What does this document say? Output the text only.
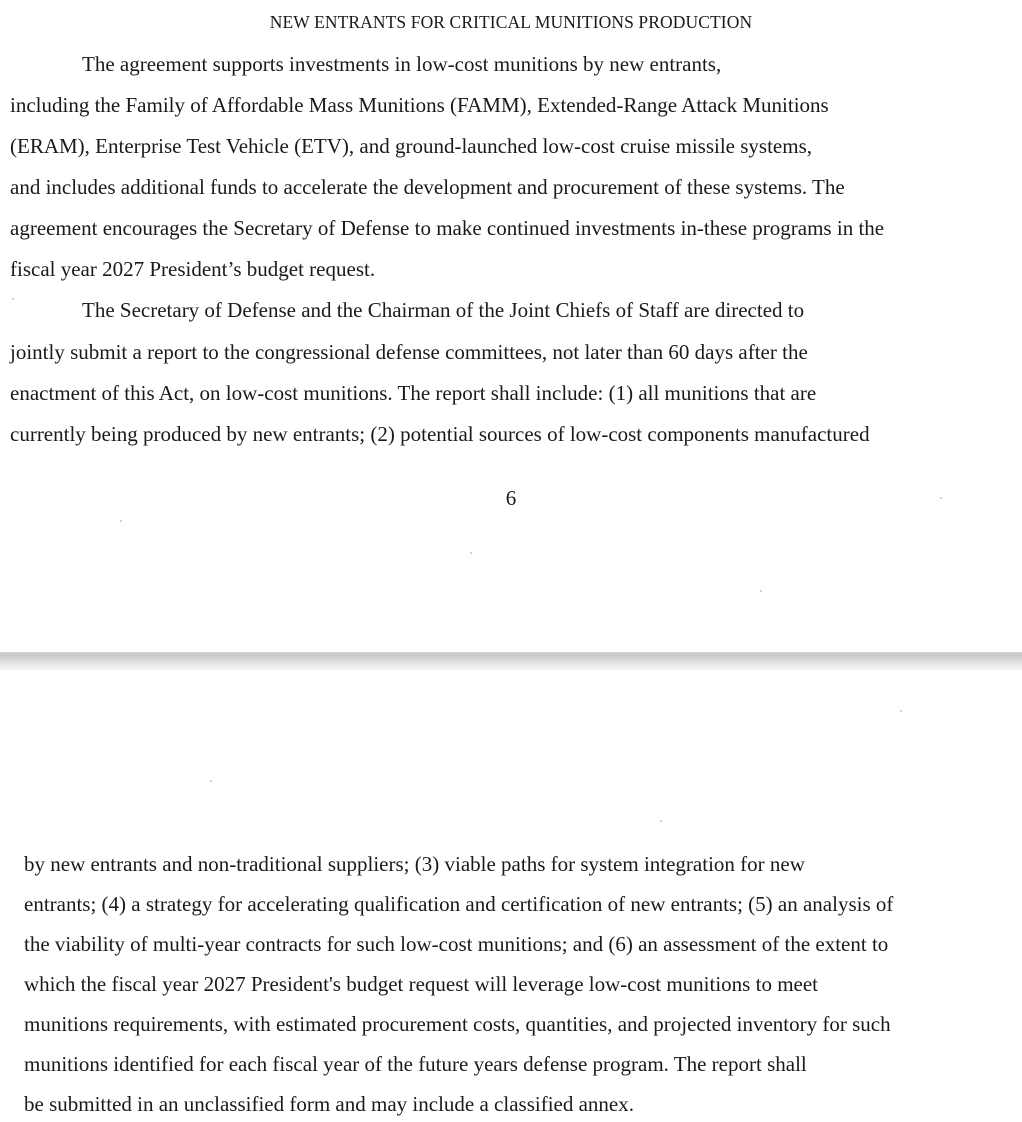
NEW ENTRANTS FOR CRITICAL MUNITIONS PRODUCTION
The agreement supports investments in low-cost munitions by new entrants,
including the Family of Affordable Mass Munitions (FAMM), Extended-Range Attack Munitions
(ERAM), Enterprise Test Vehicle (ETV), and ground-launched low-cost cruise missile systems,
and includes additional funds to accelerate the development and procurement of these systems. The
agreement encourages the Secretary of Defense to make continued investments in-these programs in the
fiscal year 2027 President’s budget request.
The Secretary of Defense and the Chairman of the Joint Chiefs of Staff are directed to
jointly submit a report to the congressional defense committees, not later than 60 days after the
enactment of this Act, on low-cost munitions. The report shall include: (1) all munitions that are
currently being produced by new entrants; (2) potential sources of low-cost components manufactured
6
by new entrants and non-traditional suppliers; (3) viable paths for system integration for new
entrants; (4) a strategy for accelerating qualification and certification of new entrants; (5) an analysis of
the viability of multi-year contracts for such low-cost munitions; and (6) an assessment of the extent to
which the fiscal year 2027 President's budget request will leverage low-cost munitions to meet
munitions requirements, with estimated procurement costs, quantities, and projected inventory for such
munitions identified for each fiscal year of the future years defense program. The report shall
be submitted in an unclassified form and may include a classified annex.
